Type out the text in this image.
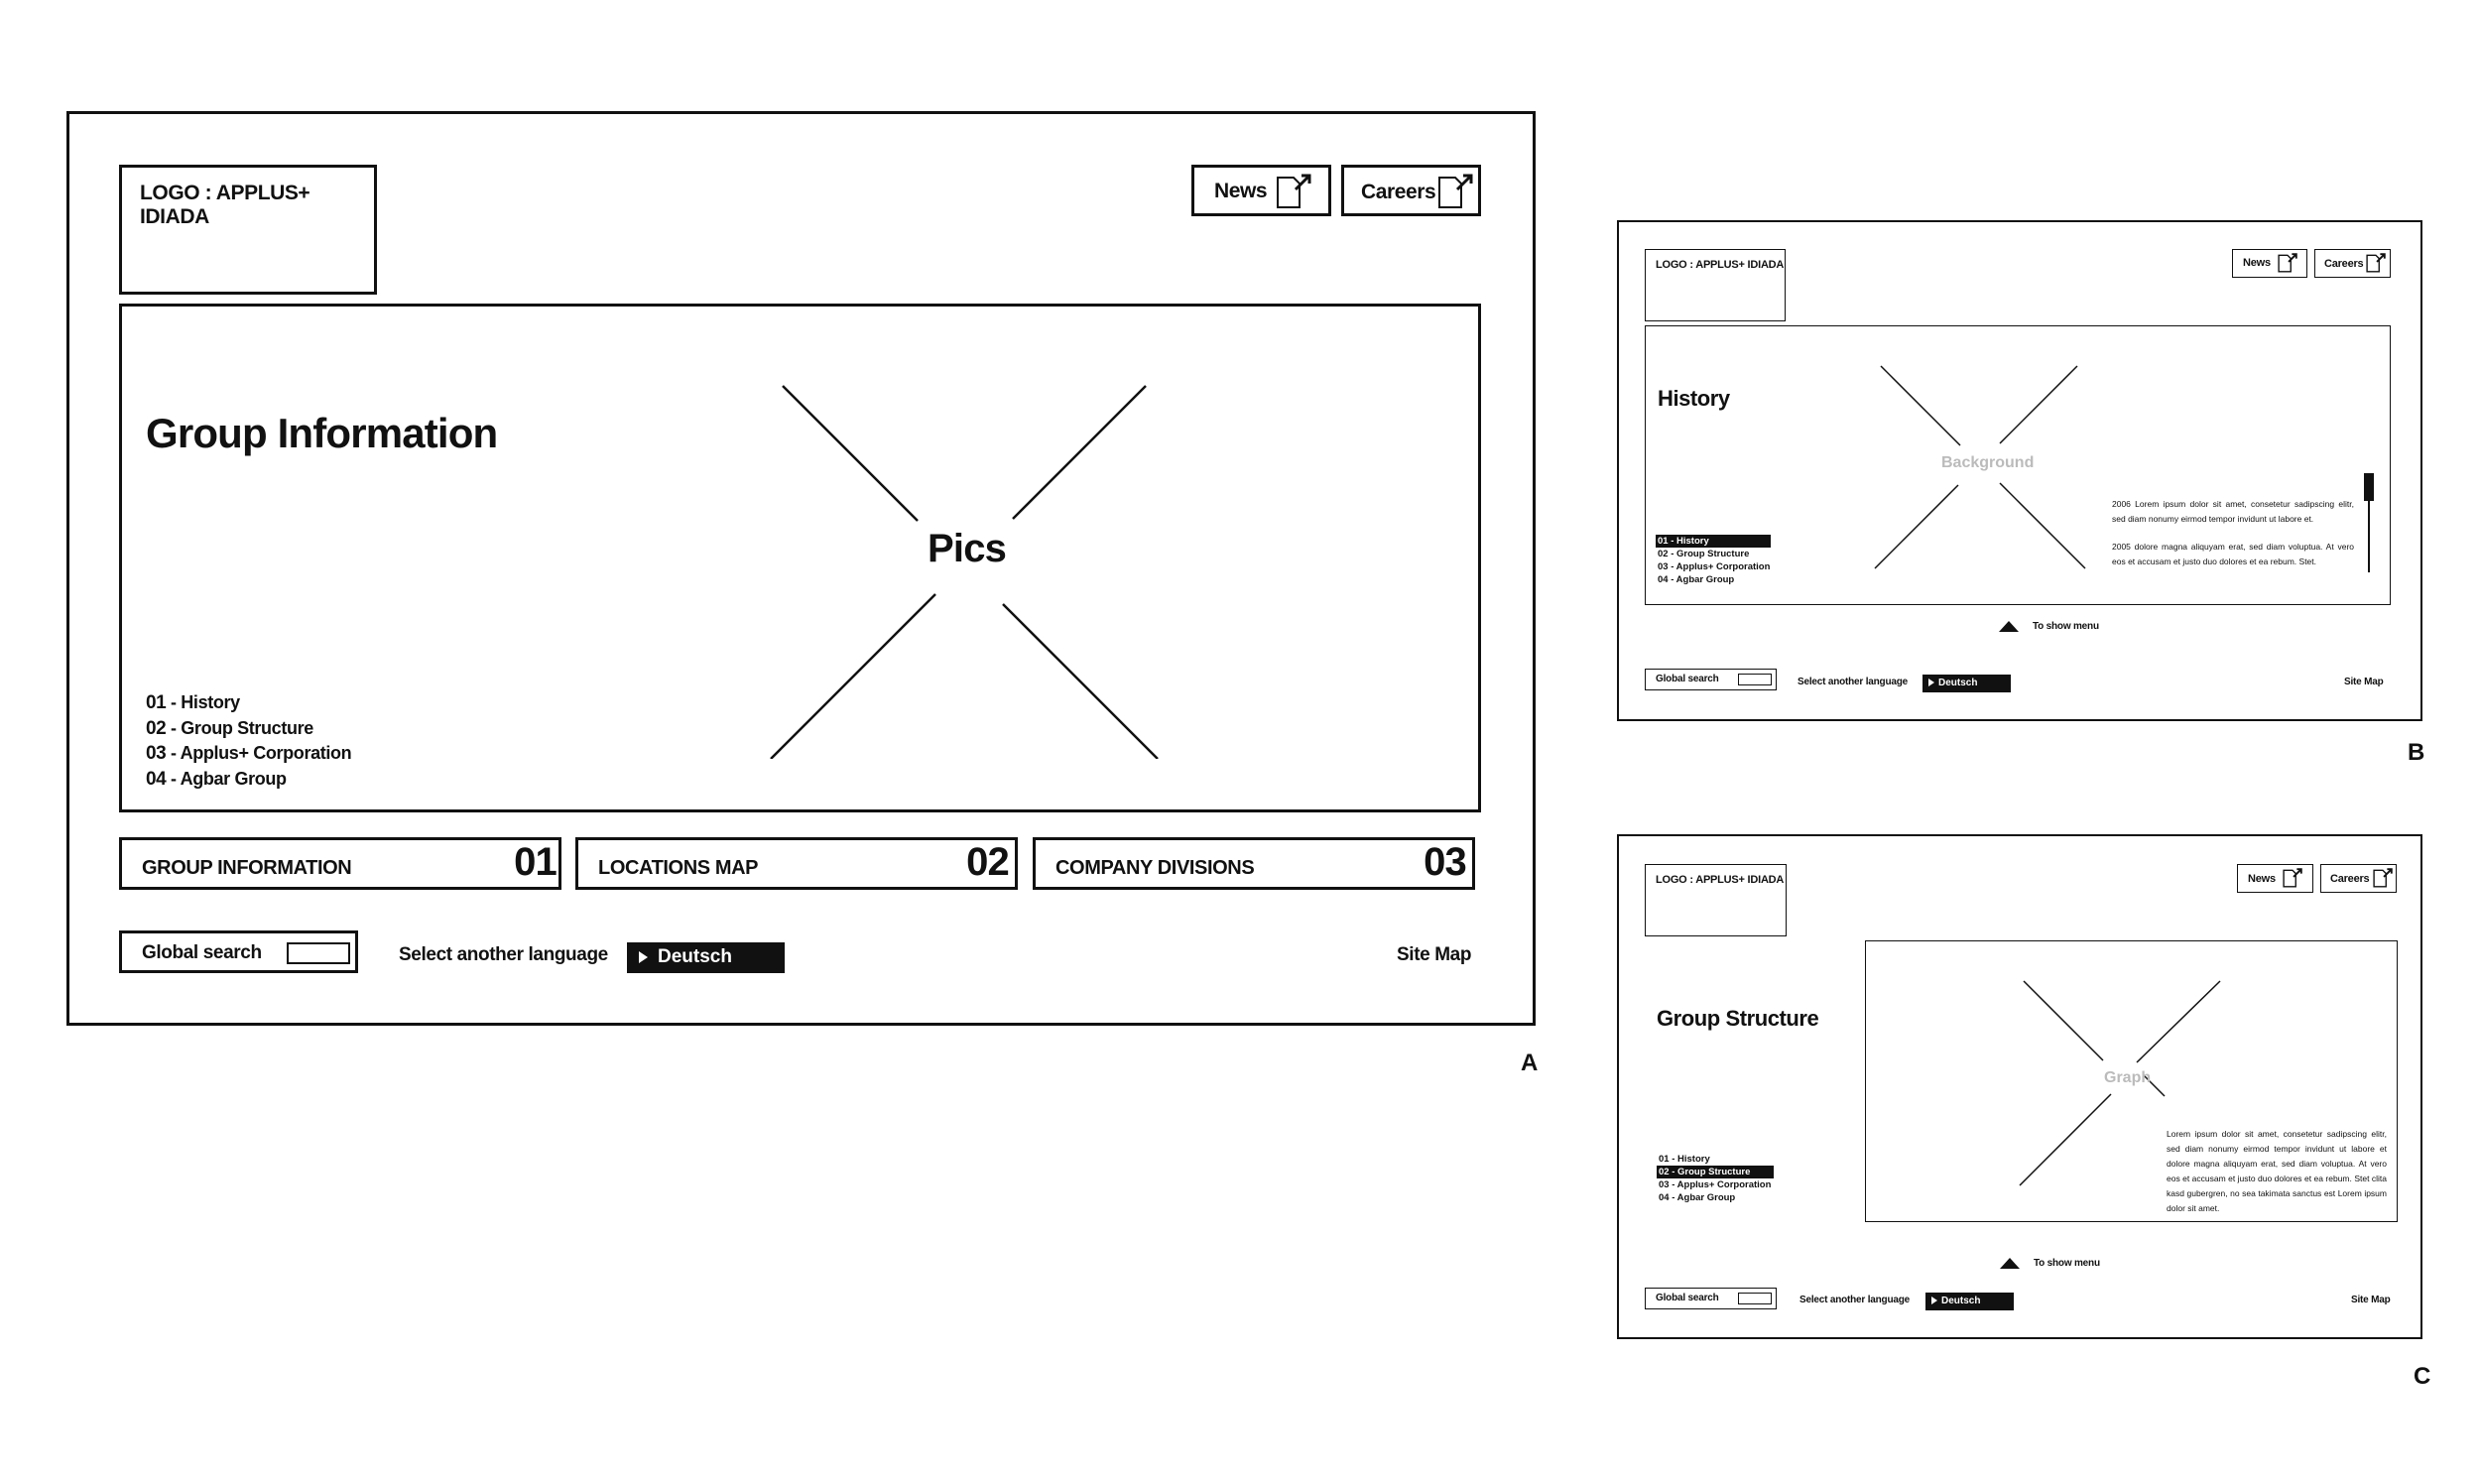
LOGO : APPLUS+ IDIADA
News	Careers
Group Information
Pics
01 - History
02 - Group Structure
03 - Applus+ Corporation
04 - Agbar Group
GROUP INFORMATION	01 LOCATIONS MAP	02 COMPANY DIVISIONS	03
Global search	Select another language	Deutsch	Site Map
A
LOGO : APPLUS+ IDIADA	News	Careers
History
Background
01 - History
02 - Group Structure
03 - Applus+ Corporation
04 - Agbar Group
2006 Lorem ipsum dolor sit amet, consetetur sadipscing elitr, sed diam nonumy eirmod tempor invidunt ut labore et.
2005 dolore magna aliquyam erat, sed diam voluptua. At vero eos et accusam et justo duo dolores et ea rebum. Stet.
To show menu
Global search	Select another language	Deutsch	Site Map
B
LOGO : APPLUS+ IDIADA	News	Careers
Group Structure
01 - History
02 - Group Structure
03 - Applus+ Corporation
04 - Agbar Group
Graph
Lorem ipsum dolor sit amet, consetetur sadipscing elitr, sed diam nonumy eirmod tempor invidunt ut labore et dolore magna aliquyam erat, sed diam voluptua. At vero eos et accusam et justo duo dolores et ea rebum. Stet clita kasd gubergren, no sea takimata sanctus est Lorem ipsum dolor sit amet.
To show menu
Global search	Select another language	Deutsch	Site Map
C
